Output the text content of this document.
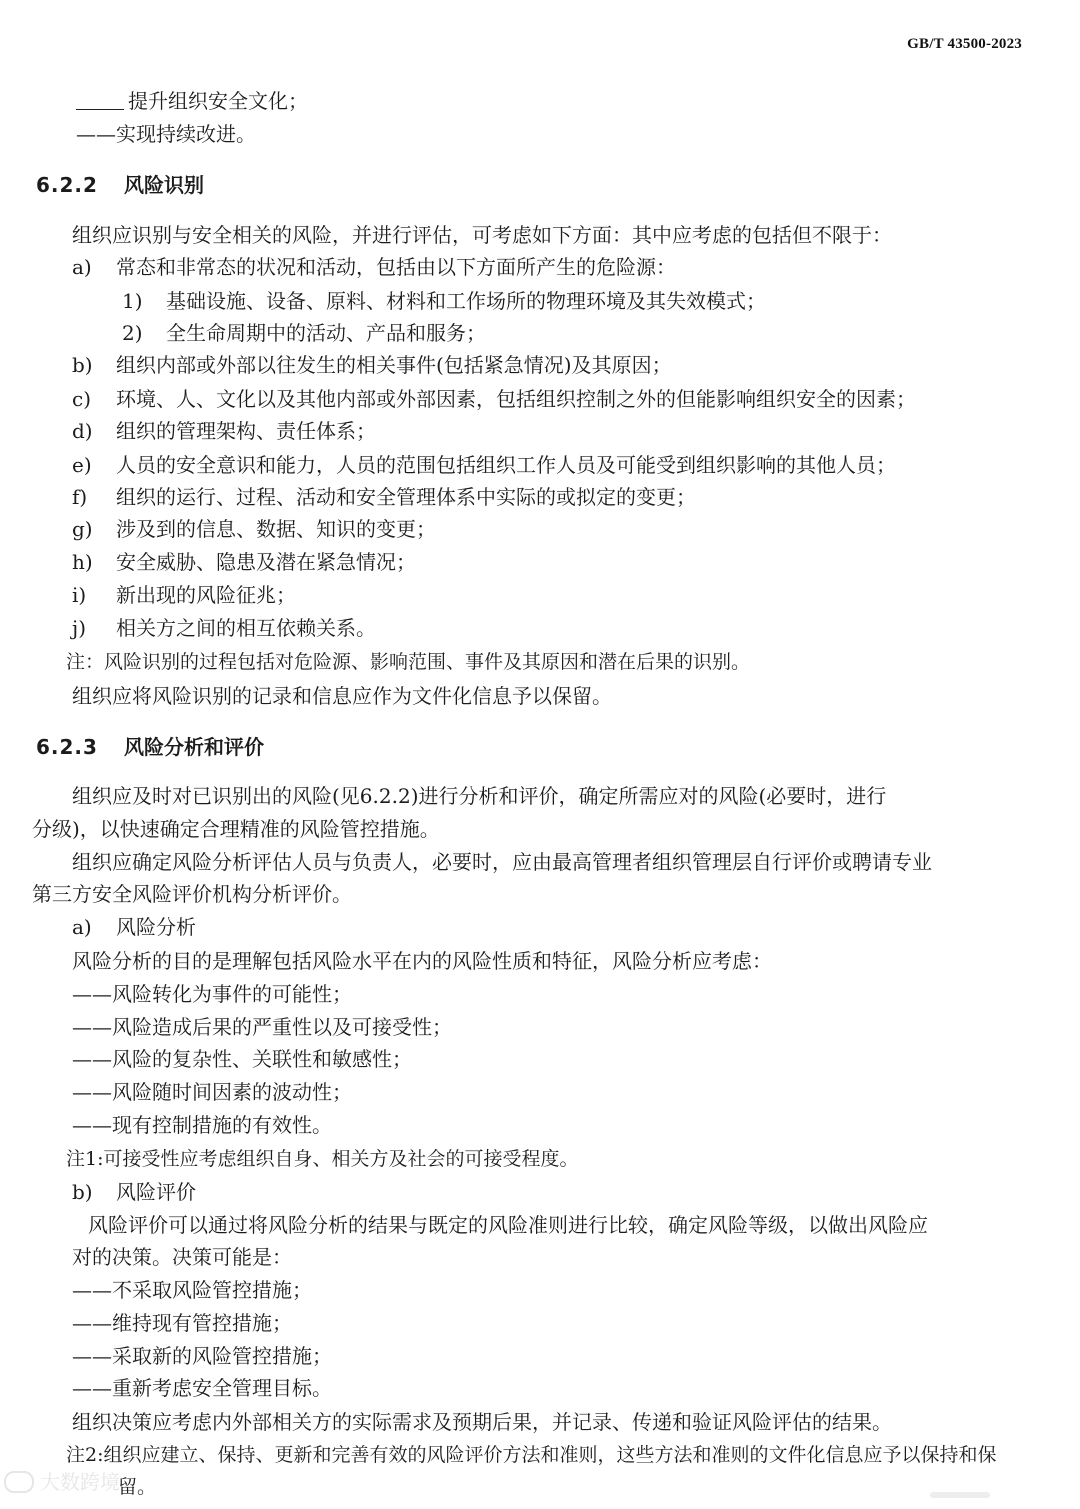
GB/T 43500-2023
提升组织安全文化；
——实现持续改进。
6.2.2 风险识别
组织应识别与安全相关的风险，并进行评估，可考虑如下方面：其中应考虑的包括但不限于：
a) 常态和非常态的状况和活动，包括由以下方面所产生的危险源：
1) 基础设施、设备、原料、材料和工作场所的物理环境及其失效模式；
2) 全生命周期中的活动、产品和服务；
b) 组织内部或外部以往发生的相关事件(包括紧急情况)及其原因；
c) 环境、人、文化以及其他内部或外部因素，包括组织控制之外的但能影响组织安全的因素；
d) 组织的管理架构、责任体系；
e) 人员的安全意识和能力，人员的范围包括组织工作人员及可能受到组织影响的其他人员；
f) 组织的运行、过程、活动和安全管理体系中实际的或拟定的变更；
g) 涉及到的信息、数据、知识的变更；
h) 安全威胁、隐患及潜在紧急情况；
i) 新出现的风险征兆；
j) 相关方之间的相互依赖关系。
注：风险识别的过程包括对危险源、影响范围、事件及其原因和潜在后果的识别。
组织应将风险识别的记录和信息应作为文件化信息予以保留。
6.2.3 风险分析和评价
组织应及时对已识别出的风险(见6.2.2)进行分析和评价，确定所需应对的风险(必要时，进行
分级)，以快速确定合理精准的风险管控措施。
组织应确定风险分析评估人员与负责人，必要时，应由最高管理者组织管理层自行评价或聘请专业
第三方安全风险评价机构分析评价。
a) 风险分析
风险分析的目的是理解包括风险水平在内的风险性质和特征，风险分析应考虑：
——风险转化为事件的可能性；
——风险造成后果的严重性以及可接受性；
——风险的复杂性、关联性和敏感性；
——风险随时间因素的波动性；
——现有控制措施的有效性。
注1:可接受性应考虑组织自身、相关方及社会的可接受程度。
b) 风险评价
风险评价可以通过将风险分析的结果与既定的风险准则进行比较，确定风险等级，以做出风险应
对的决策。决策可能是：
——不采取风险管控措施；
——维持现有管控措施；
——采取新的风险管控措施；
——重新考虑安全管理目标。
组织决策应考虑内外部相关方的实际需求及预期后果，并记录、传递和验证风险评估的结果。
注2:组织应建立、保持、更新和完善有效的风险评价方法和准则，这些方法和准则的文件化信息应予以保持和保
留。
大数跨境
